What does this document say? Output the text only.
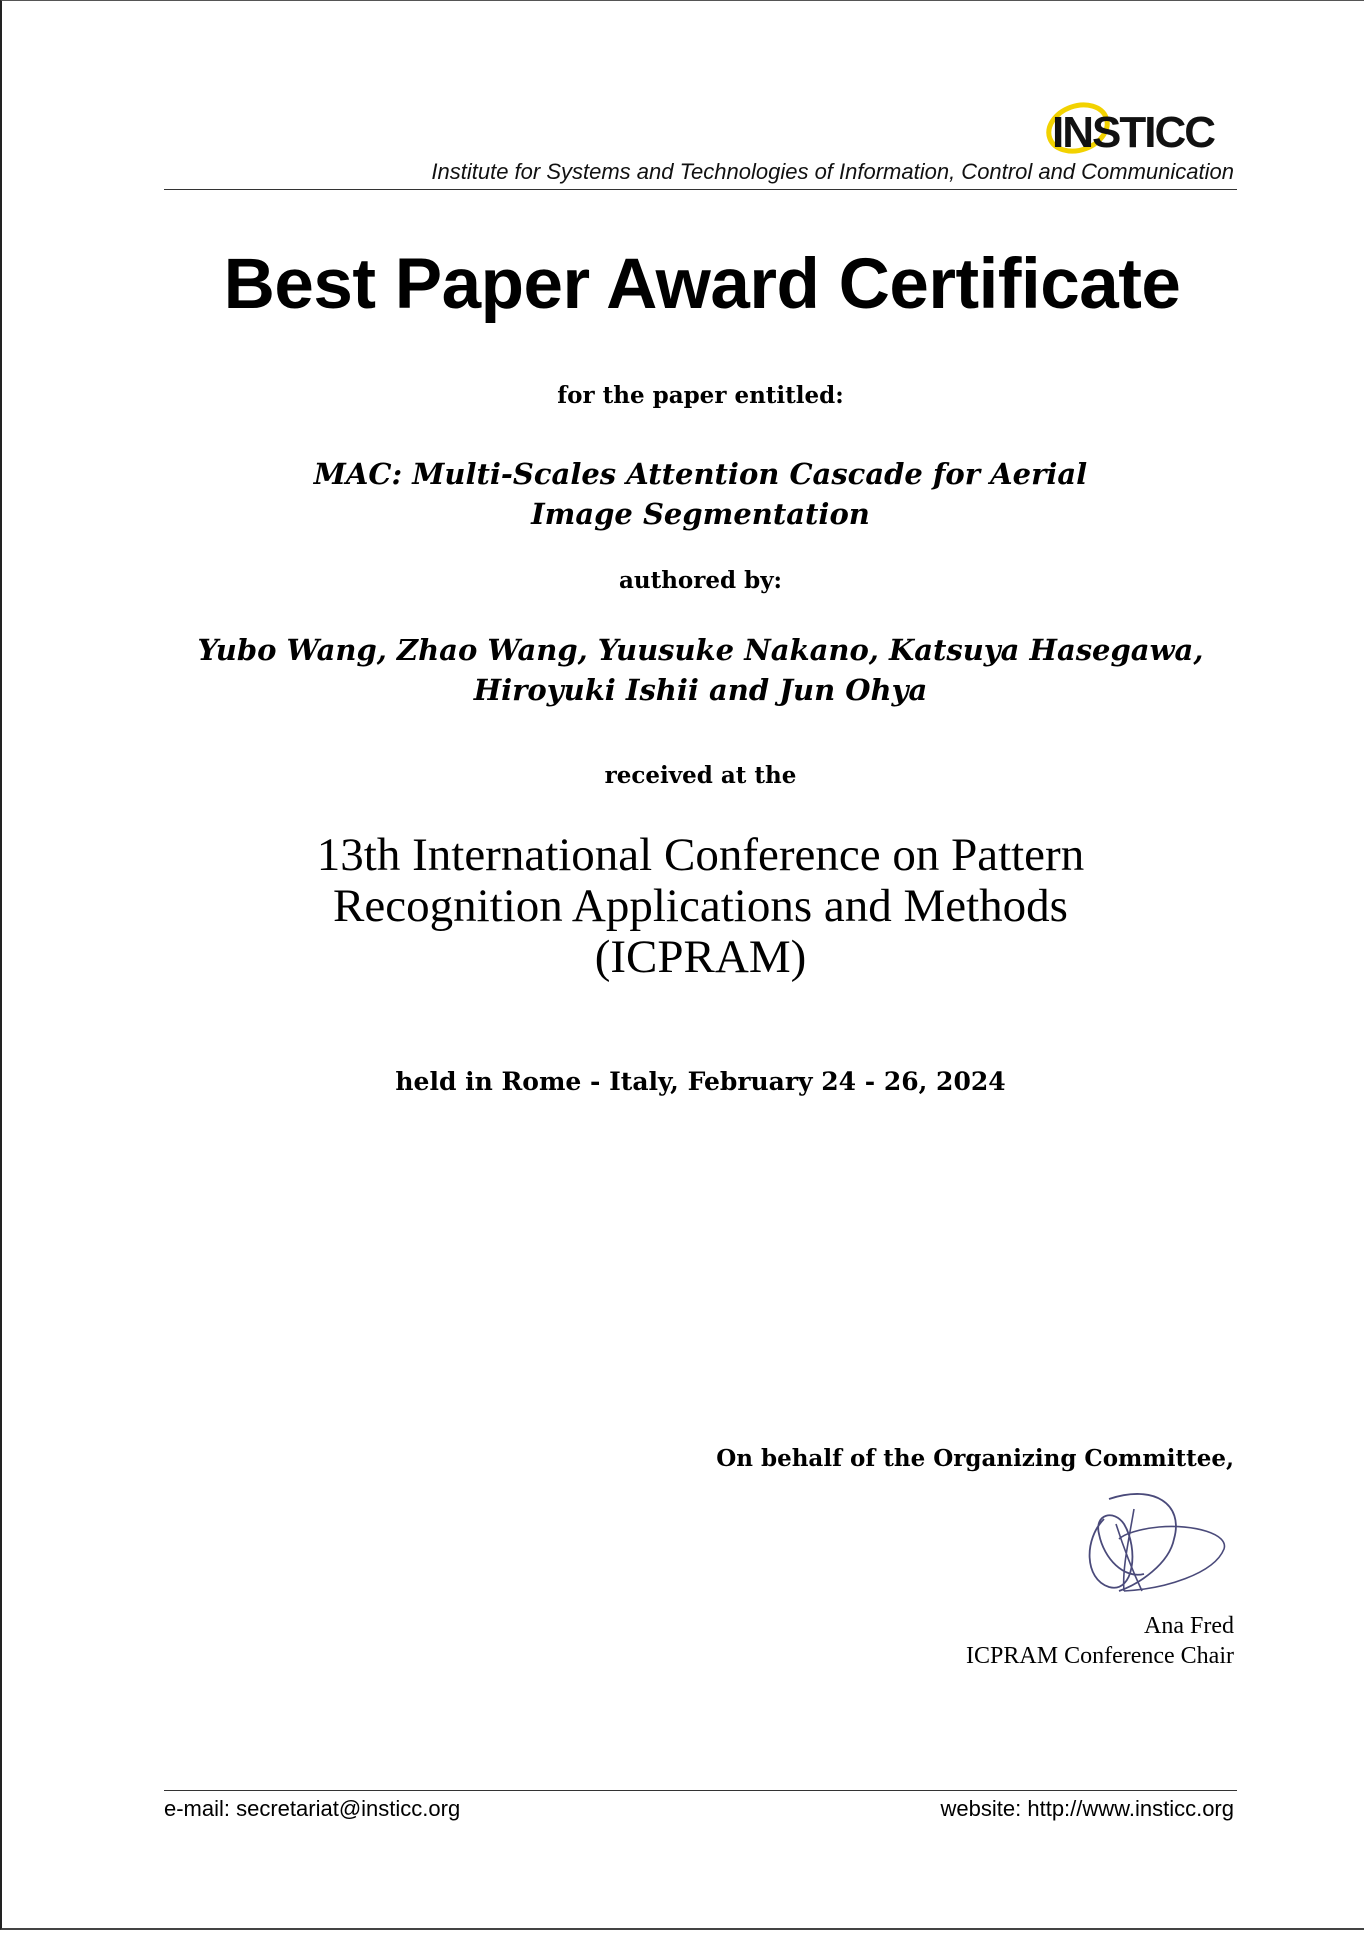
INSTICC
Institute for Systems and Technologies of Information, Control and Communication
Best Paper Award Certificate
for the paper entitled:
MAC: Multi-Scales Attention Cascade for Aerial
Image Segmentation
authored by:
Yubo Wang, Zhao Wang, Yuusuke Nakano, Katsuya Hasegawa,
Hiroyuki Ishii and Jun Ohya
received at the
13th International Conference on Pattern
Recognition Applications and Methods
(ICPRAM)
held in Rome - Italy, February 24 - 26, 2024
On behalf of the Organizing Committee,
Ana Fred
ICPRAM Conference Chair
e-mail: secretariat@insticc.org	website: http://www.insticc.org
